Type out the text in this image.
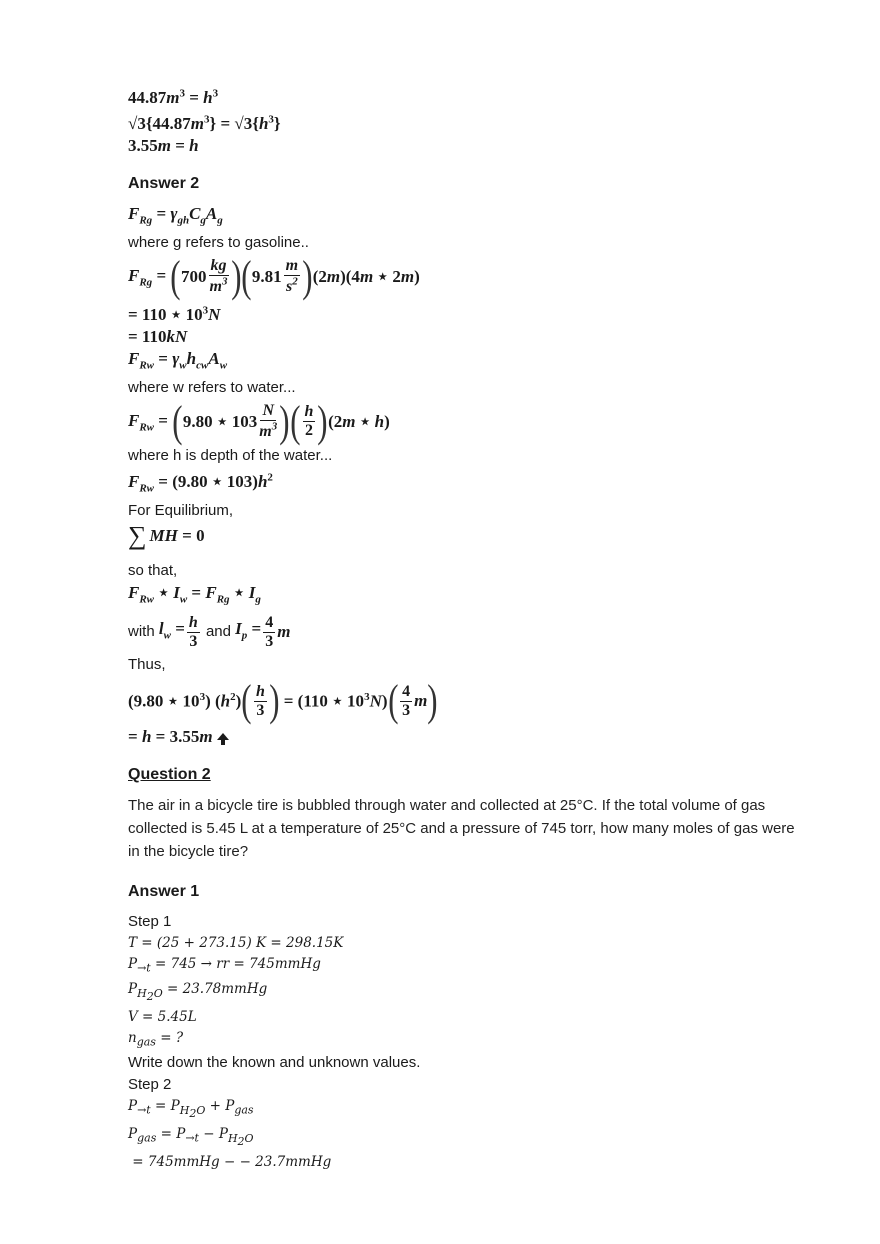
$44.87m^3 = h^3$
$√3\{44.87m^3\} = √3\{h^3\}$
3.55m = h
Answer 2
$F_{Rg} = \gamma_{gh}C_gA_g$
where g refers to gasoline..
$F_{Rg}$ = ( $700 \frac{kg}{m^3}$ ) ( $9.81 \frac{m}{s^2}$ ) (2m)(4m ⋆ 2m)
= 110 ⋆ $10^3N$
= 110kN
$F_{Rw} = \gamma_wh_{cw}A_w$
where w refers to water...
$F_{Rw}$ = ( 9.80 ⋆ $103 \frac{N}{m^3}$ ) ( $\frac{h}{2}$ ) (2m ⋆ h)
where h is depth of the water...
$F_{Rw} = (9.80$ ⋆ $103)h^2$
For Equilibrium,
∑ MH = 0
so that,
$F_{Rw}$ ⋆ $I_w = F_{Rg}$ ⋆ $I_g$
with
$l_w = \frac{h}{3}$
and
$I_p = \frac{4}{3}$ m
Thus,
(9.80 ⋆ $10^3$) $(h^2)$ ( $\frac{h}{3}$ ) = (110 ⋆ $10^3N$) ( $\frac{4}{3}$ m )
= h = 3.55m
Question 2
The air in a bicycle tire is bubbled through water and collected at 25°C. If the total volume of gas collected is 5.45 L at a temperature of 25°C and a pressure of 745 torr, how many moles of gas were in the bicycle tire?
Answer 1
Step 1
T = (25 + 273.15) K = 298.15K
$P_{\to t} = 745$ → rr = 745mmHg
$P_{H_2O}$ = 23.78mmHg
V = 5.45L
$n_{gas}$ = ?
Write down the known and unknown values.
Step 2
$P_{\to t} = P_{H_2O} + P_{gas}$
$P_{gas} = P_{\to t} - P_{H_2O}$
= 745mmHg − − 23.7mmHg
